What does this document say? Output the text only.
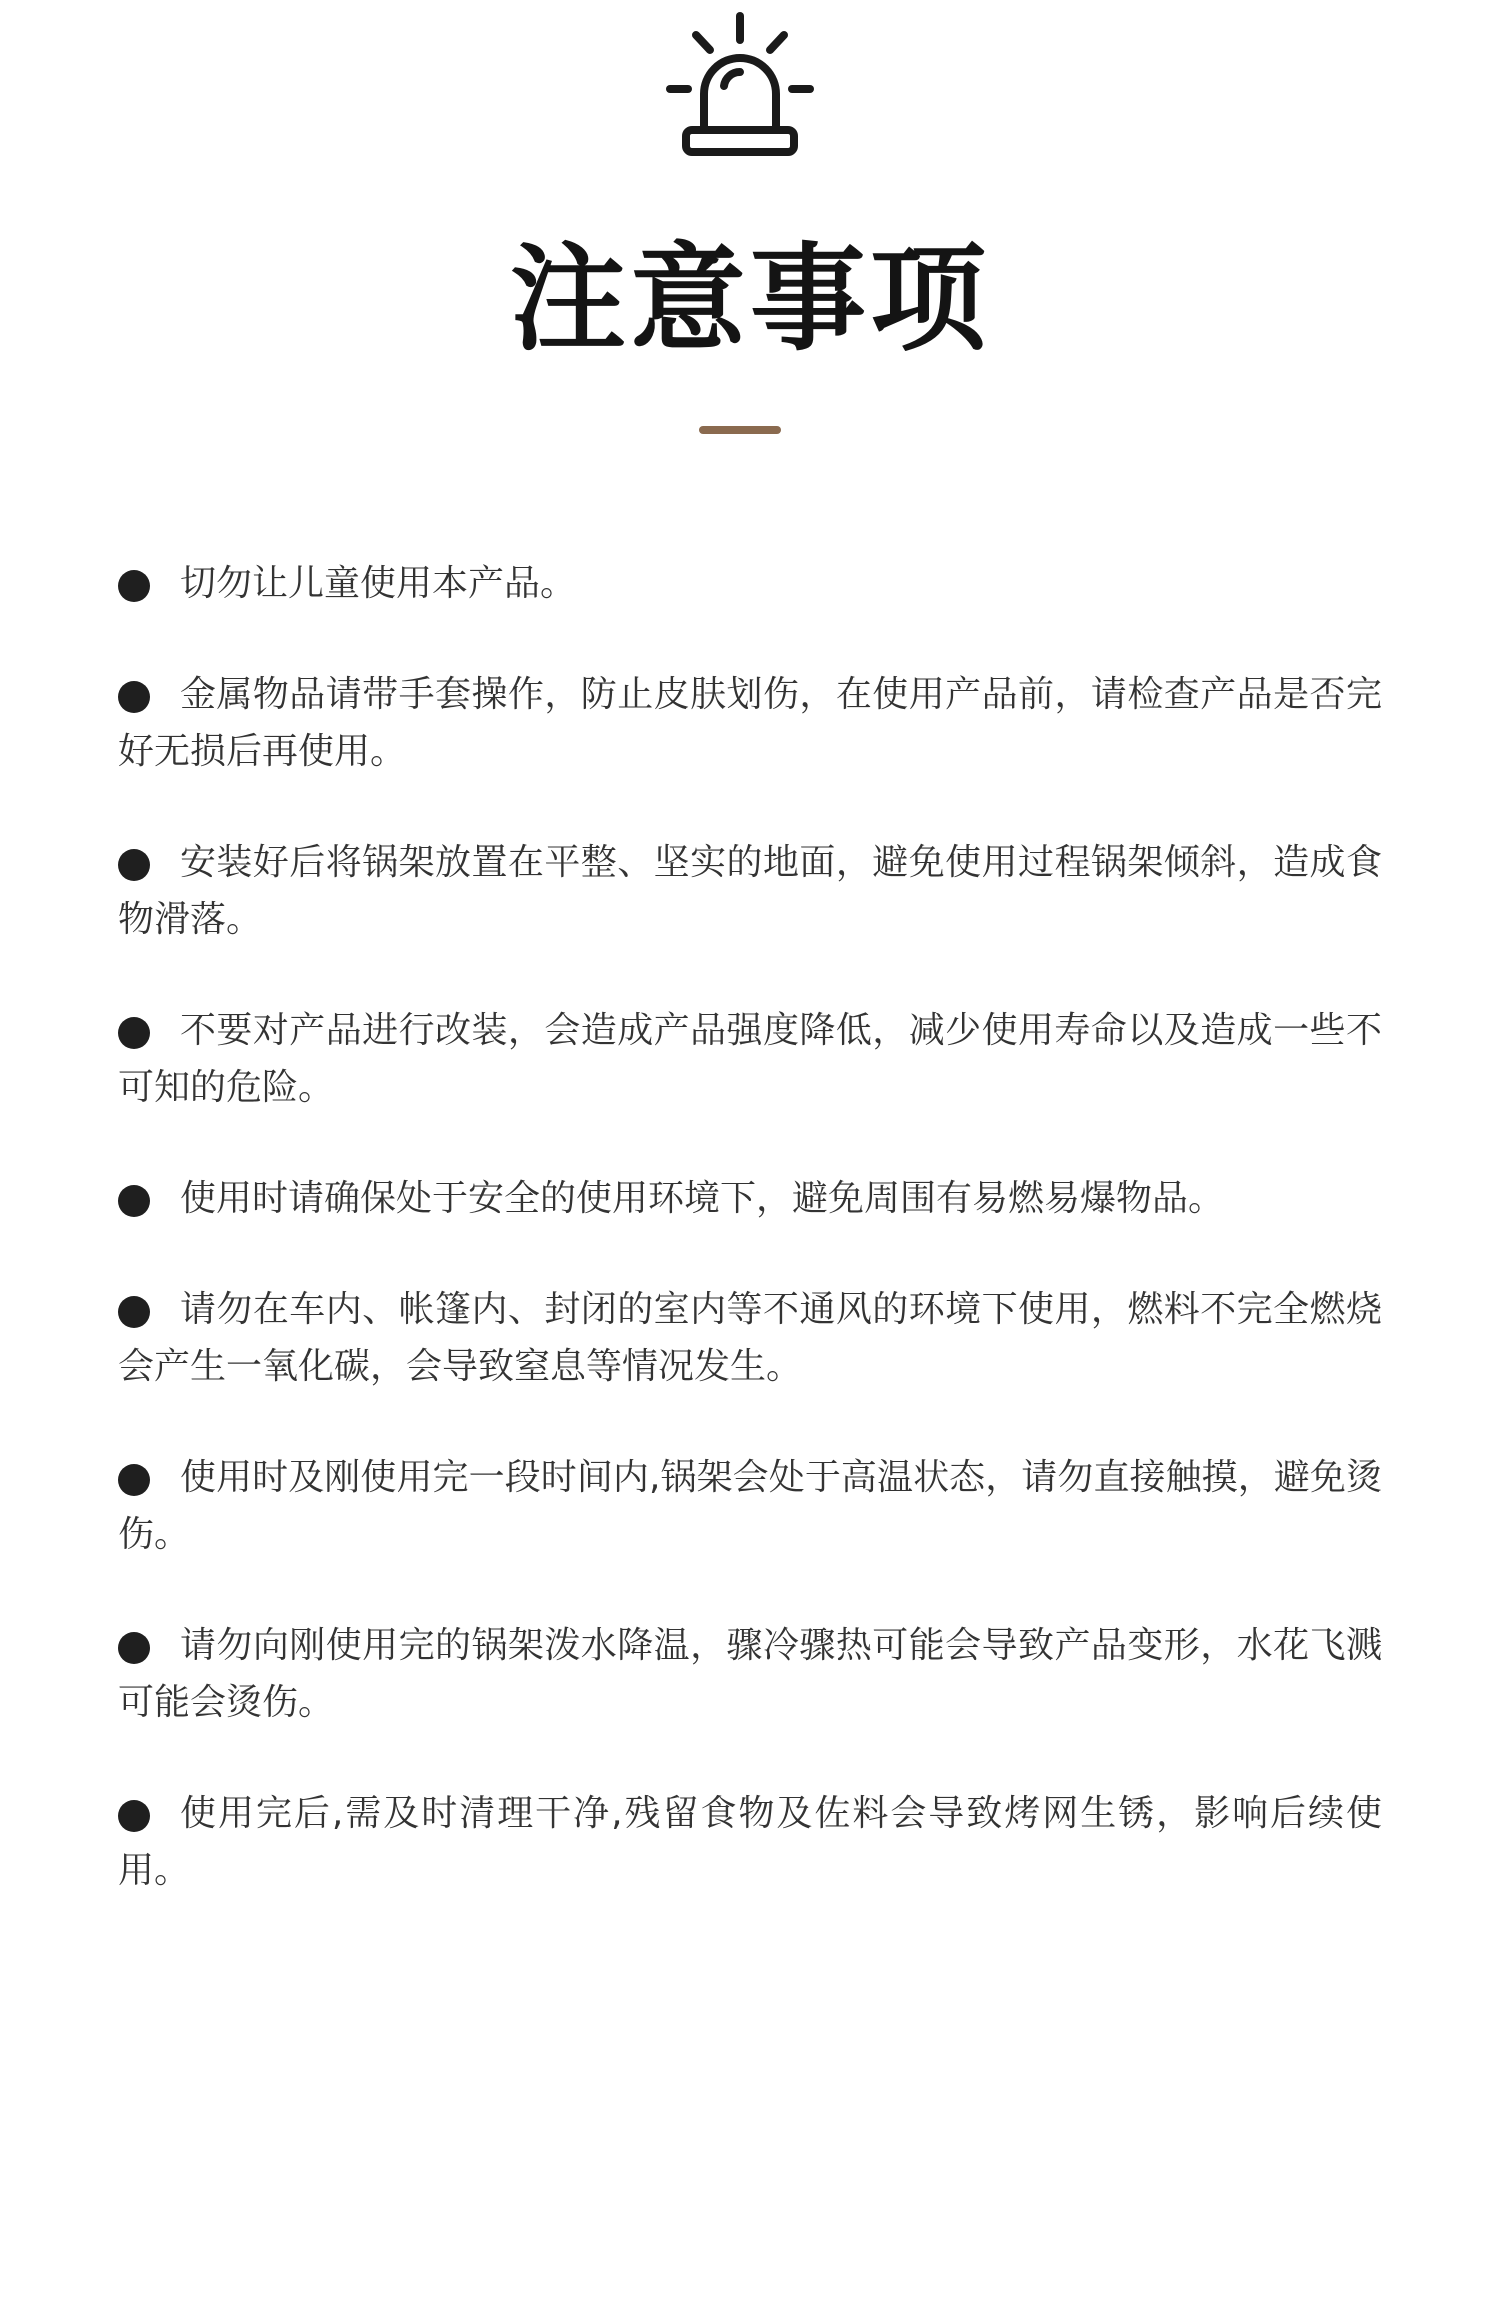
注意事项
切勿让儿童使用本产品。
金属物品请带手套操作，防止皮肤划伤，在使用产品前，请检查产品是否完好无损后再使用。
安装好后将锅架放置在平整、坚实的地面，避免使用过程锅架倾斜，造成食物滑落。
不要对产品进行改装，会造成产品强度降低，减少使用寿命以及造成一些不可知的危险。
使用时请确保处于安全的使用环境下，避免周围有易燃易爆物品。
请勿在车内、帐篷内、封闭的室内等不通风的环境下使用，燃料不完全燃烧会产生一氧化碳，会导致窒息等情况发生。
使用时及刚使用完一段时间内,锅架会处于高温状态，请勿直接触摸，避免烫伤。
请勿向刚使用完的锅架泼水降温，骤冷骤热可能会导致产品变形，水花飞溅可能会烫伤。
使用完后,需及时清理干净,残留食物及佐料会导致烤网生锈，影响后续使用。
